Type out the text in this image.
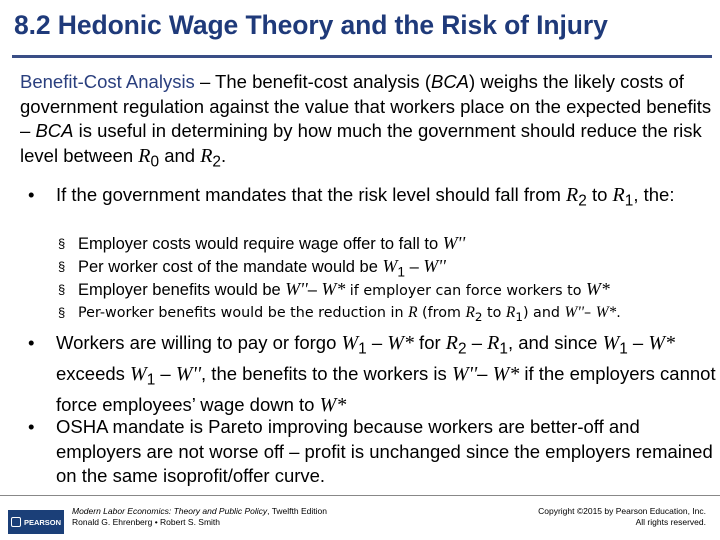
8.2 Hedonic Wage Theory and the Risk of Injury
Benefit-Cost Analysis – The benefit-cost analysis (BCA) weighs the likely costs of government regulation against the value that workers place on the expected benefits – BCA is useful in determining by how much the government should reduce the risk level between $R_0$ and $R_2$.
• If the government mandates that the risk level should fall from $R_2$ to $R_1$, the:
§ Employer costs would require wage offer to fall to W''
§ Per worker cost of the mandate would be $W_1$ – W''
§ Employer benefits would be W''– W* if employer can force workers to W*
§ Per-worker benefits would be the reduction in R (from $R_2$ to $R_1$) and W''– W*.
• Workers are willing to pay or forgo $W_1 - W*$ for $R_2 - R_1$, and since $W_1 - W*$ exceeds $W_1$ – W'', the benefits to the workers is W''– W* if the employers cannot force employees’ wage down to W*
• OSHA mandate is Pareto improving because workers are better-off and employers are not worse off – profit is unchanged since the employers remained on the same isoprofit/offer curve.
PEARSON
Modern Labor Economics: Theory and Public Policy, Twelfth Edition
Ronald G. Ehrenberg • Robert S. Smith
Copyright ©2015 by Pearson Education, Inc.
All rights reserved.
